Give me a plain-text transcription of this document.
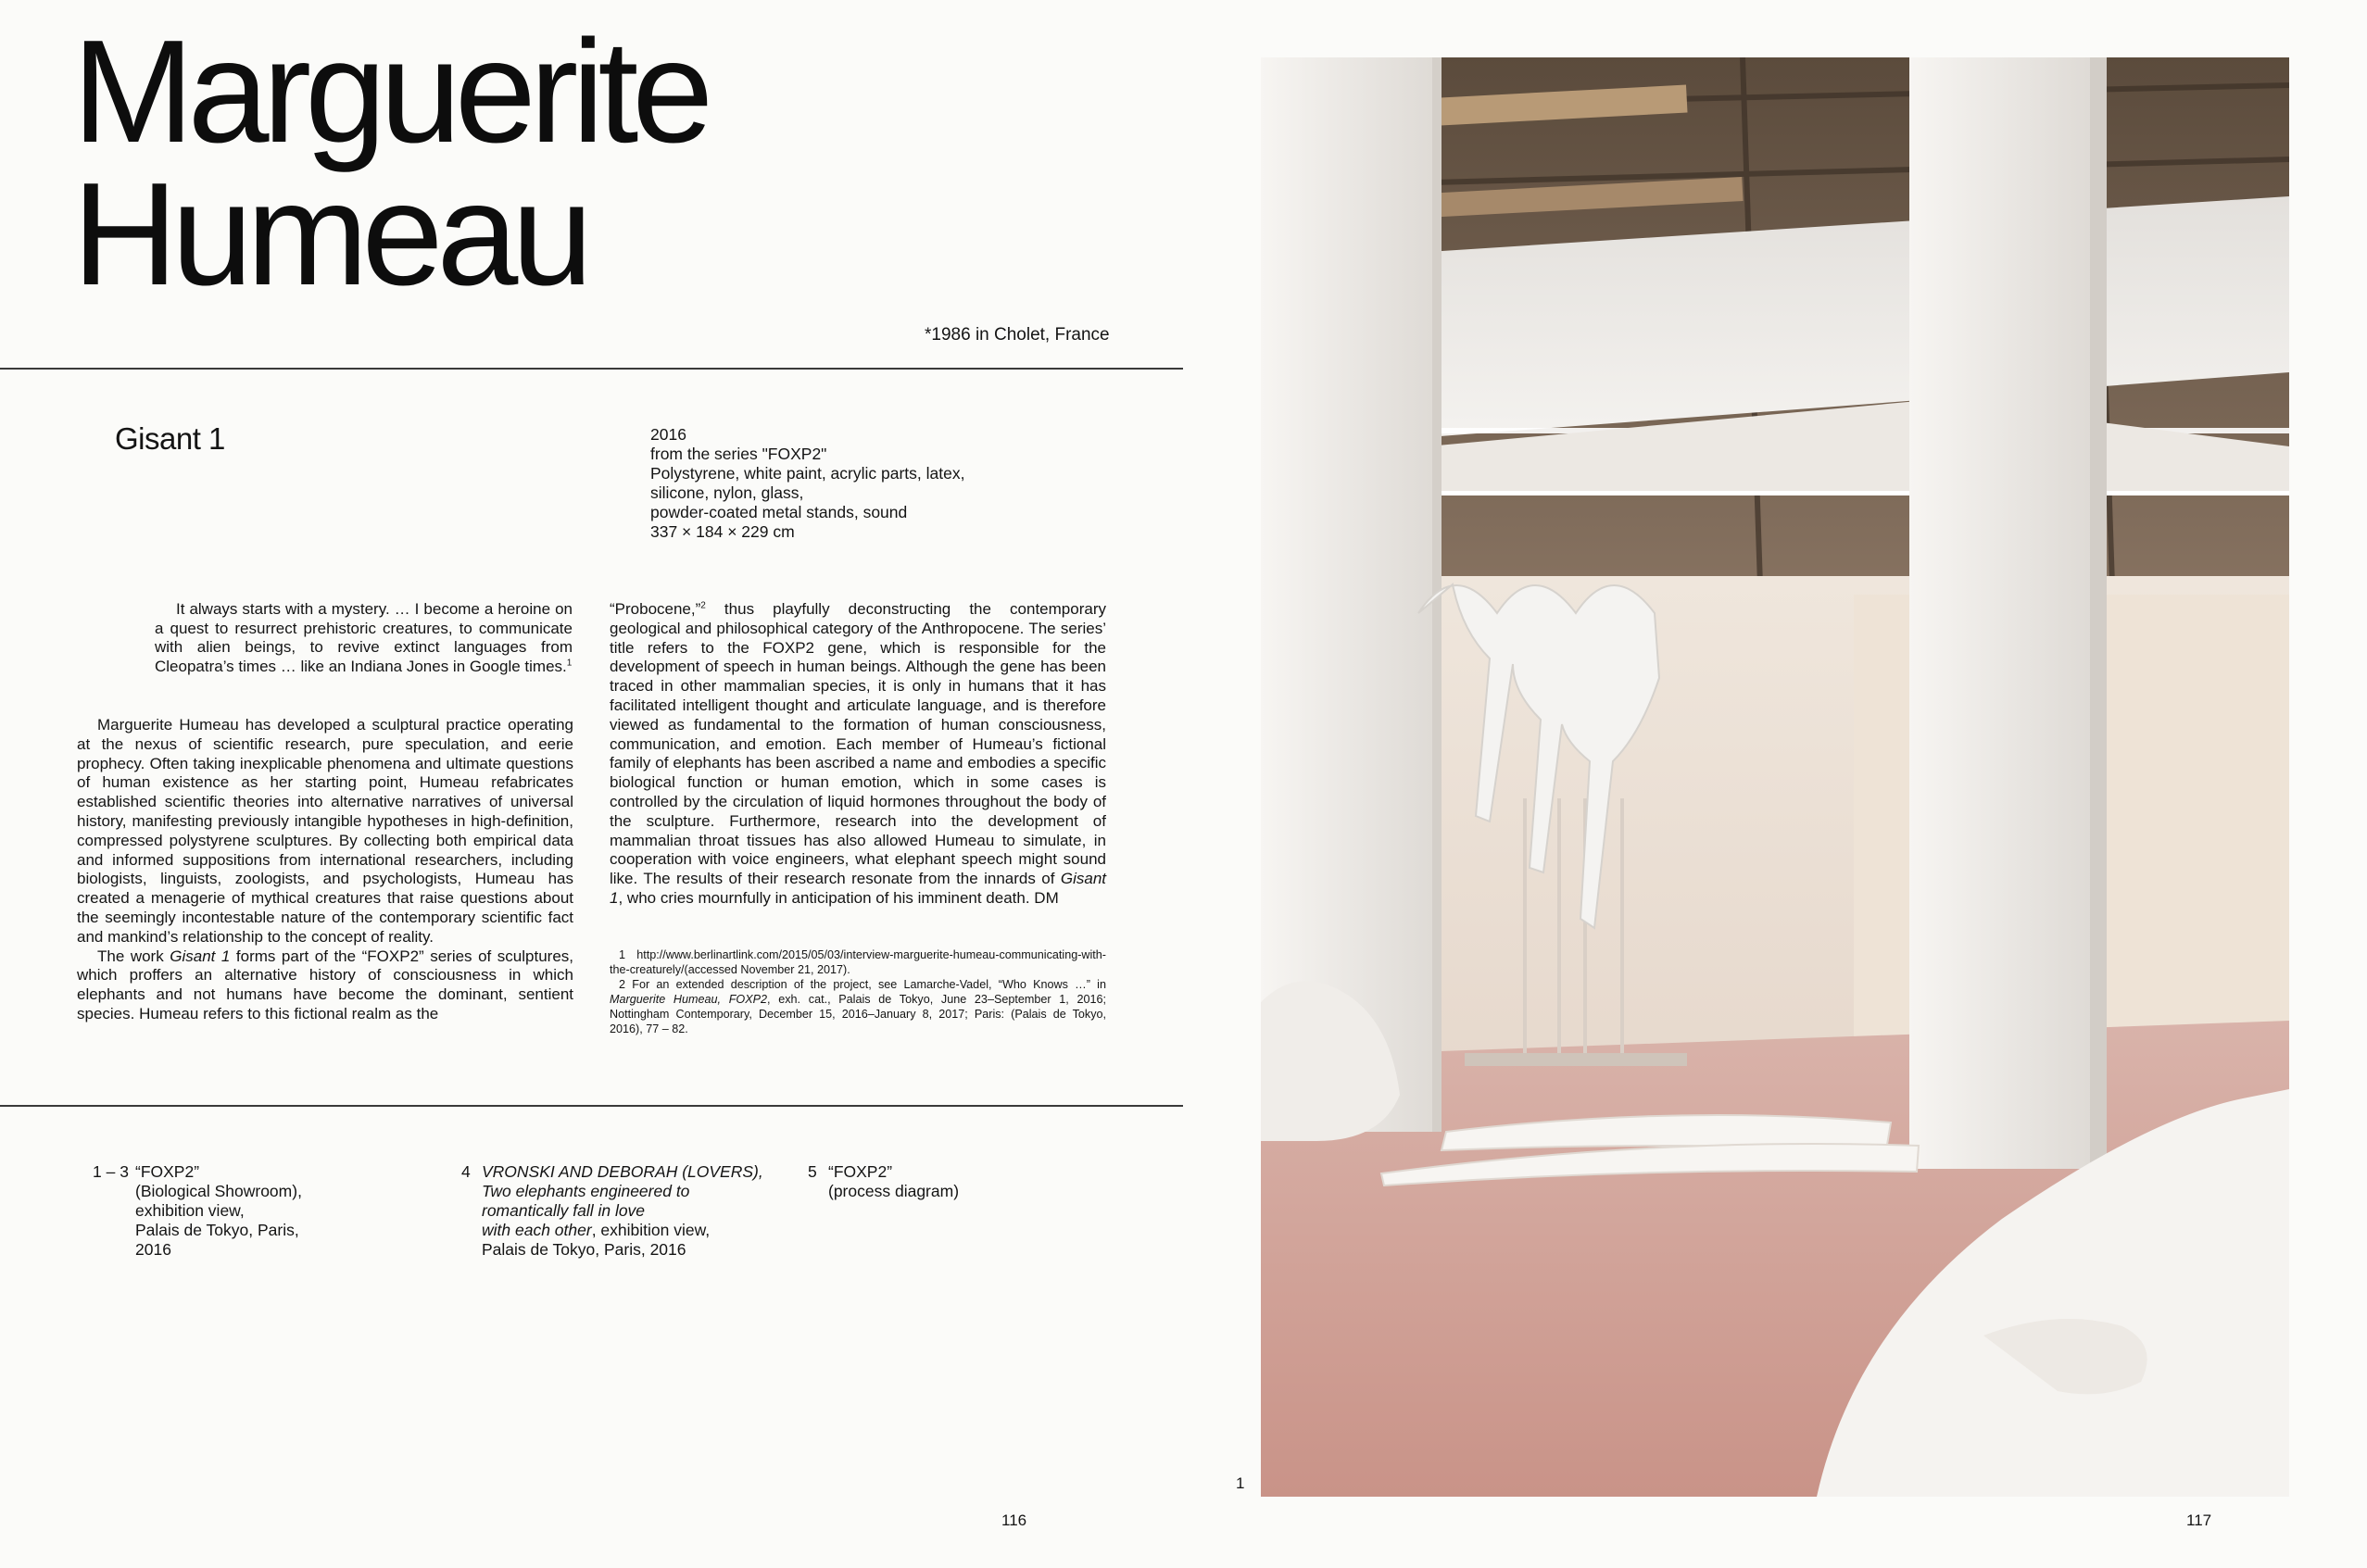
Marguerite
Humeau
*1986 in Cholet, France
Gisant 1	2016
from the series "FOXP2"
Polystyrene, white paint, acrylic parts, latex,
silicone, nylon, glass,
powder-coated metal stands, sound
337 × 184 × 229 cm

It always starts with a mystery. … I become a heroine on a quest to resurrect prehistoric creatures, to communicate with alien beings, to revive extinct languages from Cleopatra’s times … like an Indiana Jones in Google times.$^1$

Marguerite Humeau has developed a sculptural practice operating at the nexus of scientific research, pure speculation, and eerie prophecy. Often taking inexplicable phenomena and ultimate questions of human existence as her starting point, Humeau refabricates established scientific theories into alternative narratives of universal history, manifesting previously intangible hypotheses in high-definition, compressed polystyrene sculptures. By collecting both empirical data and informed suppositions from international researchers, including biologists, linguists, zoologists, and psychologists, Humeau has created a menagerie of mythical creatures that raise questions about the seemingly incontestable nature of the contemporary scientific fact and mankind’s relationship to the concept of reality.

The work Gisant 1 forms part of the “FOXP2” series of sculptures, which proffers an alternative history of consciousness in which elephants and not humans have become the dominant, sentient species. Humeau refers to this fictional realm as the

“Probocene,”$^2$ thus playfully deconstructing the contemporary geological and philosophical category of the Anthropocene. The series’ title refers to the FOXP2 gene, which is responsible for the development of speech in human beings. Although the gene has been traced in other mammalian species, it is only in humans that it has facilitated intelligent thought and articulate language, and is therefore viewed as fundamental to the formation of human consciousness, communication, and emotion. Each member of Humeau’s fictional family of elephants has been ascribed a name and embodies a specific biological function or human emotion, which in some cases is controlled by the circulation of liquid hormones throughout the body of the sculpture. Furthermore, research into the development of mammalian throat tissues has also allowed Humeau to simulate, in cooperation with voice engineers, what elephant speech might sound like. The results of their research resonate from the innards of Gisant 1, who cries mournfully in anticipation of his imminent death. DM

1 http://www.berlinartlink.com/2015/05/03/interview-marguerite-humeau-communicating-with-the-creaturely/(accessed November 21, 2017).

2 For an extended description of the project, see Lamarche-Vadel, “Who Knows …” in Marguerite Humeau, FOXP2, exh. cat., Palais de Tokyo, June 23–September 1, 2016; Nottingham Contemporary, December 15, 2016–January 8, 2017; Paris: (Palais de Tokyo, 2016), 77 – 82.

1 – 3 “FOXP2”
(Biological Showroom),
exhibition view,
Palais de Tokyo, Paris,
2016
4 VRONSKI AND DEBORAH (LOVERS),
Two elephants engineered to
romantically fall in love
with each other, exhibition view,
Palais de Tokyo, Paris, 2016
5 “FOXP2”
(process diagram)
116
1
117
